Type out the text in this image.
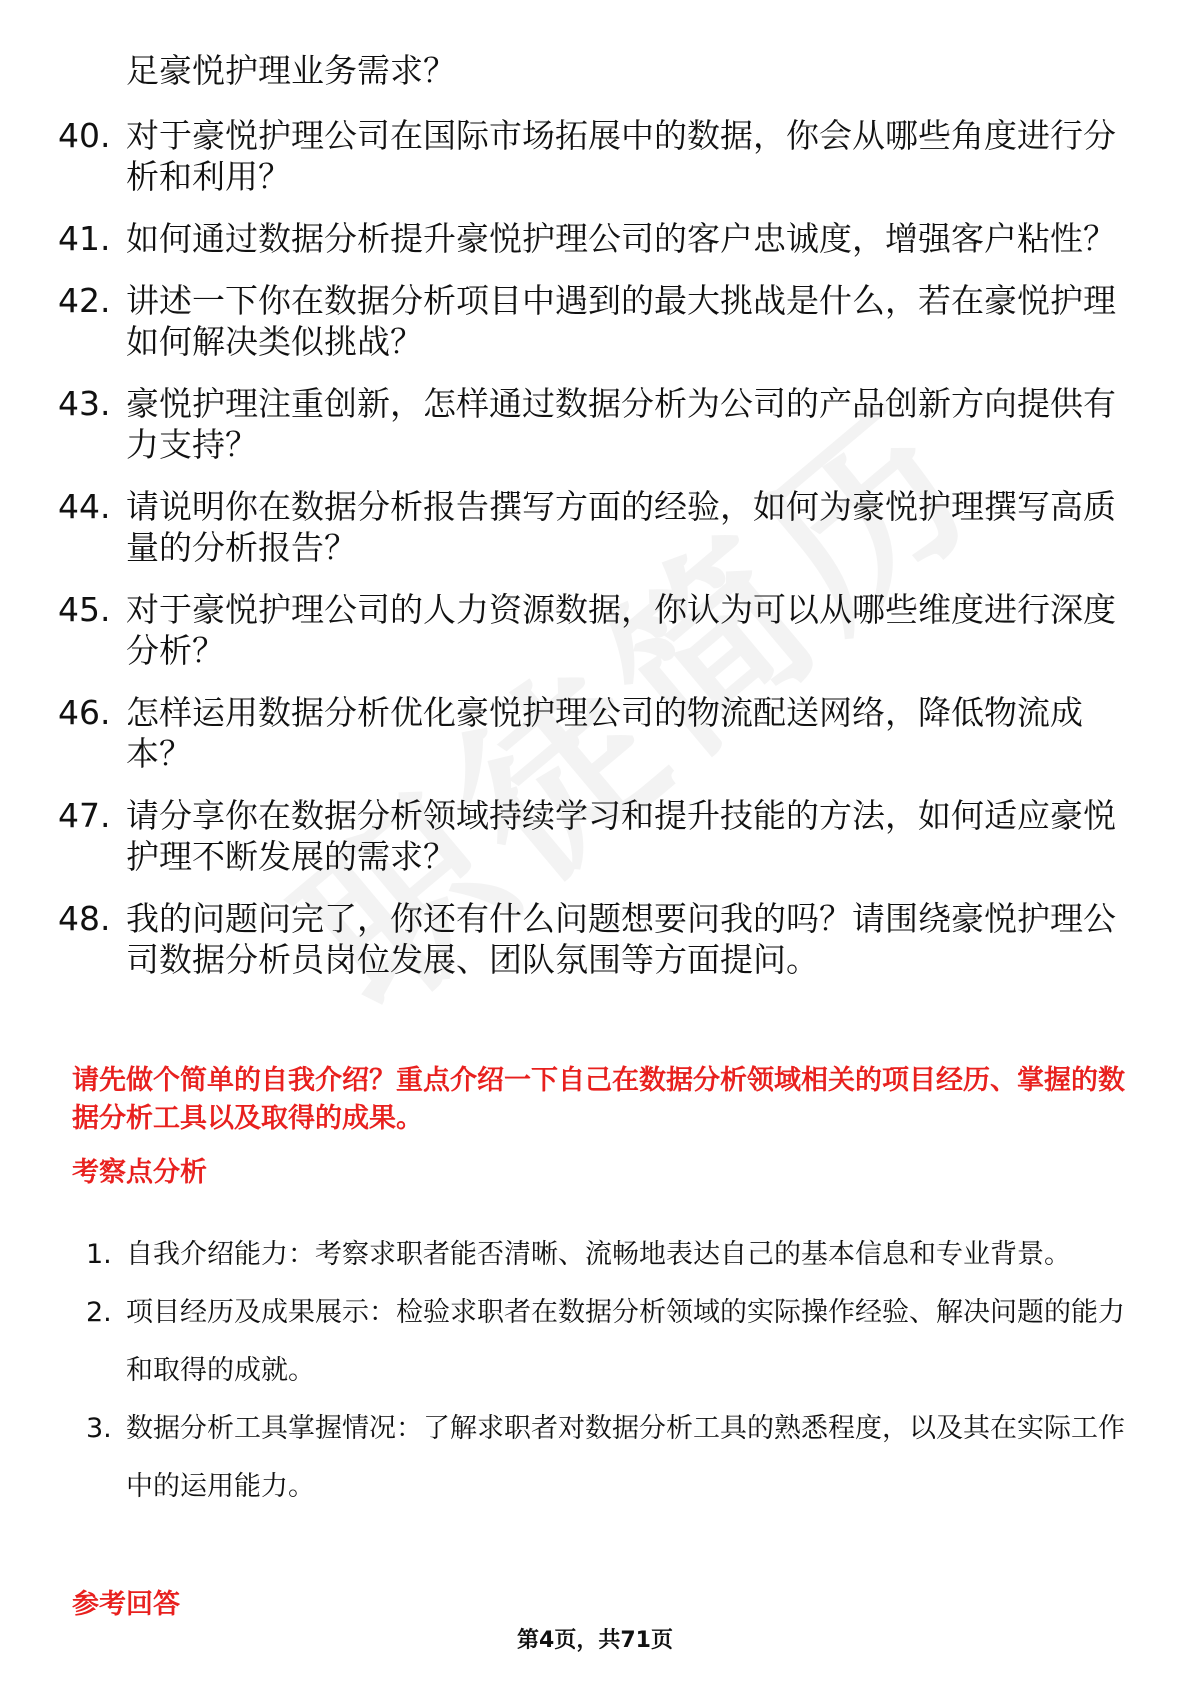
足豪悦护理业务需求？
40. 对于豪悦护理公司在国际市场拓展中的数据，你会从哪些角度进行分析和利用？
41. 如何通过数据分析提升豪悦护理公司的客户忠诚度，增强客户粘性？
42. 讲述一下你在数据分析项目中遇到的最大挑战是什么，若在豪悦护理如何解决类似挑战？
43. 豪悦护理注重创新，怎样通过数据分析为公司的产品创新方向提供有力支持？
44. 请说明你在数据分析报告撰写方面的经验，如何为豪悦护理撰写高质量的分析报告？
45. 对于豪悦护理公司的人力资源数据，你认为可以从哪些维度进行深度分析？
46. 怎样运用数据分析优化豪悦护理公司的物流配送网络，降低物流成本？
47. 请分享你在数据分析领域持续学习和提升技能的方法，如何适应豪悦护理不断发展的需求？
48. 我的问题问完了，你还有什么问题想要问我的吗？请围绕豪悦护理公司数据分析员岗位发展、团队氛围等方面提问。
请先做个简单的自我介绍？重点介绍一下自己在数据分析领域相关的项目经历、掌握的数据分析工具以及取得的成果。
考察点分析
1. 自我介绍能力：考察求职者能否清晰、流畅地表达自己的基本信息和专业背景。
2. 项目经历及成果展示：检验求职者在数据分析领域的实际操作经验、解决问题的能力和取得的成就。
3. 数据分析工具掌握情况：了解求职者对数据分析工具的熟悉程度，以及其在实际工作中的运用能力。
参考回答
第4页，共71页
